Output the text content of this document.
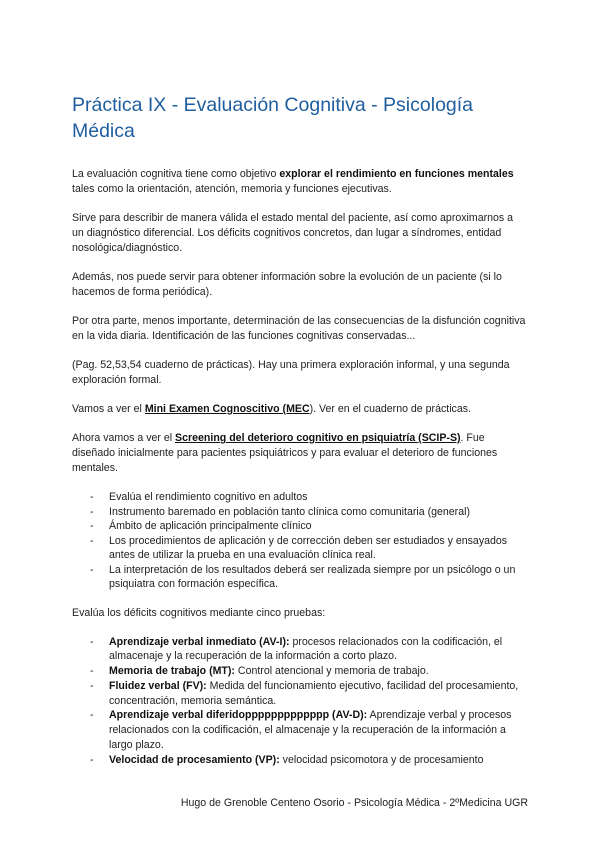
Práctica IX - Evaluación Cognitiva - Psicología Médica

La evaluación cognitiva tiene como objetivo explorar el rendimiento en funciones mentales tales como la orientación, atención, memoria y funciones ejecutivas.

Sirve para describir de manera válida el estado mental del paciente, así como aproximarnos a un diagnóstico diferencial. Los déficits cognitivos concretos, dan lugar a síndromes, entidad nosológica/diagnóstico.

Además, nos puede servir para obtener información sobre la evolución de un paciente (si lo hacemos de forma periódica).

Por otra parte, menos importante, determinación de las consecuencias de la disfunción cognitiva en la vida diaria. Identificación de las funciones cognitivas conservadas...

(Pag. 52,53,54 cuaderno de prácticas). Hay una primera exploración informal, y una segunda exploración formal.

Vamos a ver el Mini Examen Cognoscitivo (MEC). Ver en el cuaderno de prácticas.

Ahora vamos a ver el Screening del deterioro cognitivo en psiquiatría (SCIP-S). Fue diseñado inicialmente para pacientes psiquiátricos y para evaluar el deterioro de funciones mentales.

- Evalúa el rendimiento cognitivo en adultos
- Instrumento baremado en población tanto clínica como comunitaria (general)
- Ámbito de aplicación principalmente clínico
- Los procedimientos de aplicación y de corrección deben ser estudiados y ensayados antes de utilizar la prueba en una evaluación clínica real.
- La interpretación de los resultados deberá ser realizada siempre por un psicólogo o un psiquiatra con formación específica.

Evalúa los déficits cognitivos mediante cinco pruebas:

- Aprendizaje verbal inmediato (AV-I): procesos relacionados con la codificación, el almacenaje y la recuperación de la información a corto plazo.
- Memoria de trabajo (MT): Control atencional y memoria de trabajo.
- Fluidez verbal (FV): Medida del funcionamiento ejecutivo, facilidad del procesamiento, concentración, memoria semántica.
- Aprendizaje verbal diferidoppppppppppppp (AV-D): Aprendizaje verbal y procesos relacionados con la codificación, el almacenaje y la recuperación de la información a largo plazo.
- Velocidad de procesamiento (VP): velocidad psicomotora y de procesamiento
Hugo de Grenoble Centeno Osorio - Psicología Médica - 2ºMedicina UGR
